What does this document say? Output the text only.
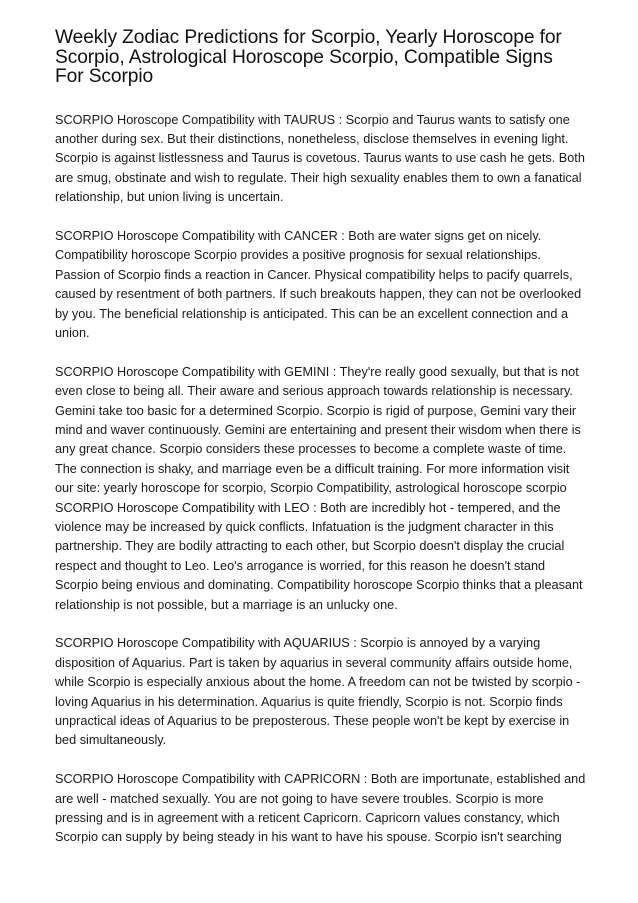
Weekly Zodiac Predictions for Scorpio, Yearly Horoscope for Scorpio, Astrological Horoscope Scorpio, Compatible Signs For Scorpio

SCORPIO Horoscope Compatibility with TAURUS : Scorpio and Taurus wants to satisfy one another during sex. But their distinctions, nonetheless, disclose themselves in evening light. Scorpio is against listlessness and Taurus is covetous. Taurus wants to use cash he gets. Both are smug, obstinate and wish to regulate. Their high sexuality enables them to own a fanatical relationship, but union living is uncertain.

SCORPIO Horoscope Compatibility with CANCER : Both are water signs get on nicely. Compatibility horoscope Scorpio provides a positive prognosis for sexual relationships. Passion of Scorpio finds a reaction in Cancer. Physical compatibility helps to pacify quarrels, caused by resentment of both partners. If such breakouts happen, they can not be overlooked by you. The beneficial relationship is anticipated. This can be an excellent connection and a union.

SCORPIO Horoscope Compatibility with GEMINI : They're really good sexually, but that is not even close to being all. Their aware and serious approach towards relationship is necessary. Gemini take too basic for a determined Scorpio. Scorpio is rigid of purpose, Gemini vary their mind and waver continuously. Gemini are entertaining and present their wisdom when there is any great chance. Scorpio considers these processes to become a complete waste of time. The connection is shaky, and marriage even be a difficult training. For more information visit our site: yearly horoscope for scorpio, Scorpio Compatibility, astrological horoscope scorpio

SCORPIO Horoscope Compatibility with LEO : Both are incredibly hot - tempered, and the violence may be increased by quick conflicts. Infatuation is the judgment character in this partnership. They are bodily attracting to each other, but Scorpio doesn't display the crucial respect and thought to Leo. Leo's arrogance is worried, for this reason he doesn't stand Scorpio being envious and dominating. Compatibility horoscope Scorpio thinks that a pleasant relationship is not possible, but a marriage is an unlucky one.

SCORPIO Horoscope Compatibility with AQUARIUS : Scorpio is annoyed by a varying disposition of Aquarius. Part is taken by aquarius in several community affairs outside home, while Scorpio is especially anxious about the home. A freedom can not be twisted by scorpio - loving Aquarius in his determination. Aquarius is quite friendly, Scorpio is not. Scorpio finds unpractical ideas of Aquarius to be preposterous. These people won't be kept by exercise in bed simultaneously.

SCORPIO Horoscope Compatibility with CAPRICORN : Both are importunate, established and are well - matched sexually. You are not going to have severe troubles. Scorpio is more pressing and is in agreement with a reticent Capricorn. Capricorn values constancy, which Scorpio can supply by being steady in his want to have his spouse. Scorpio isn't searching
